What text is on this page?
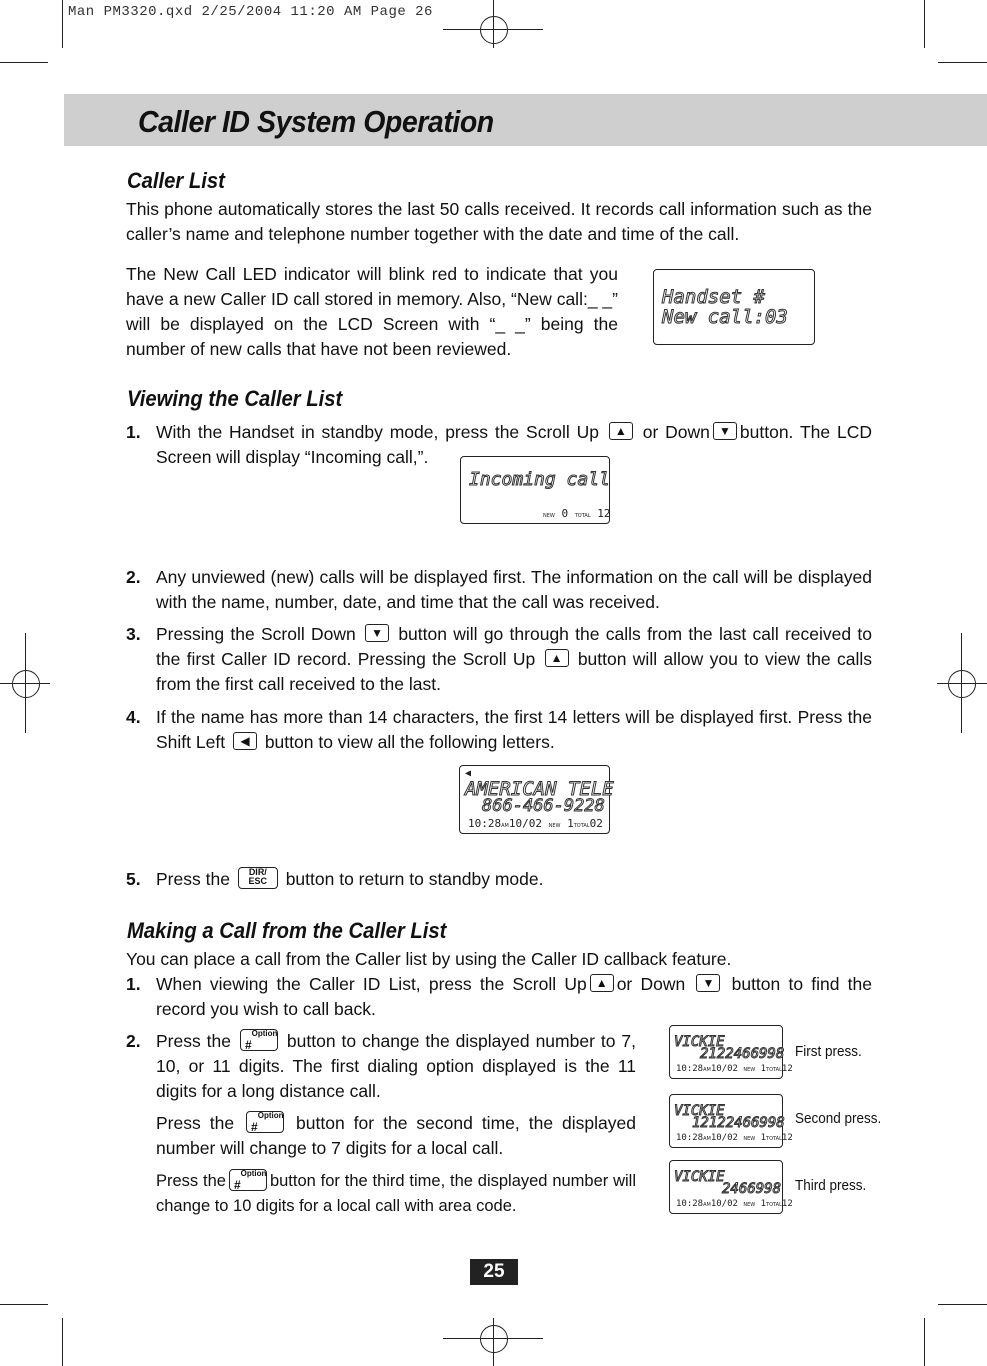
Man PM3320.qxd 2/25/2004 11:20 AM Page 26
Caller ID System Operation
Caller List
This phone automatically stores the last 50 calls received. It records call information such as the caller’s name and telephone number together with the date and time of the call.
The New Call LED indicator will blink red to indicate that you have a new Caller ID call stored in memory. Also, “New call:_ _” will be displayed on the LCD Screen with “_ _” being the number of new calls that have not been reviewed.
Handset #
New call:03
Viewing the Caller List
1. With the Handset in standby mode, press the Scroll Up ▲ or Down ▼ button. The LCD Screen will display “Incoming call,”.
Incoming call
NEW 0 TOTAL 12
2. Any unviewed (new) calls will be displayed first. The information on the call will be displayed with the name, number, date, and time that the call was received.
3. Pressing the Scroll Down ▼ button will go through the calls from the last call received to the first Caller ID record. Pressing the Scroll Up ▲ button will allow you to view the calls from the first call received to the last.
4. If the name has more than 14 characters, the first 14 letters will be displayed first. Press the Shift Left ◀ button to view all the following letters.
◀
AMERICAN TELE
866-466-9228
10:28AM10/02 NEW 1TOTAL02
5. Press the DIR/
ESC button to return to standby mode.
Making a Call from the Caller List
You can place a call from the Caller list by using the Caller ID callback feature.
1. When viewing the Caller ID List, press the Scroll Up ▲ or Down ▼ button to find the record you wish to call back.
2. Press the #$^{Option}$ button to change the displayed number to 7, 10, or 11 digits. The first dialing option displayed is the 11 digits for a long distance call.
Press the #$^{Option}$ button for the second time, the displayed number will change to 7 digits for a local call.
Press the #$^{Option}$ button for the third time, the displayed number will change to 10 digits for a local call with area code.
VICKIE
2122466998
10:28AM10/02 NEW 1TOTAL12
First press.
VICKIE
12122466998
10:28AM10/02 NEW 1TOTAL12
Second press.
VICKIE
2466998
10:28AM10/02 NEW 1TOTAL12
Third press.
25
